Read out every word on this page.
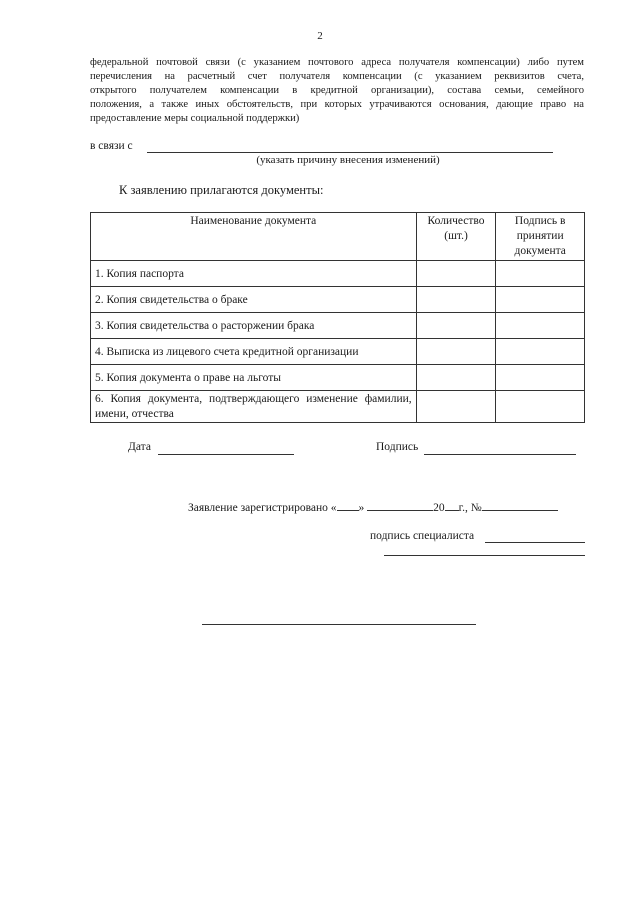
2
федеральной почтовой связи (с указанием почтового адреса получателя компенсации) либо путем
перечисления на расчетный счет получателя компенсации (с указанием реквизитов счета,
открытого получателем компенсации в кредитной организации), состава семьи, семейного
положения, а также иных обстоятельств, при которых утрачиваются основания, дающие право на
предоставление меры социальной поддержки)
в связи с
(указать причину внесения изменений)
К заявлению прилагаются документы:
Наименование документа	Количество (шт.)	Подпись в принятии документа
1. Копия паспорта		
2. Копия свидетельства о браке		
3. Копия свидетельства о расторжении брака		
4. Выписка из лицевого счета кредитной организации		
5. Копия документа о праве на льготы		
6. Копия документа, подтверждающего изменение фамилии, имени, отчества		
Дата	Подпись
Заявление зарегистрировано « »	20 г., №
подпись специалиста
